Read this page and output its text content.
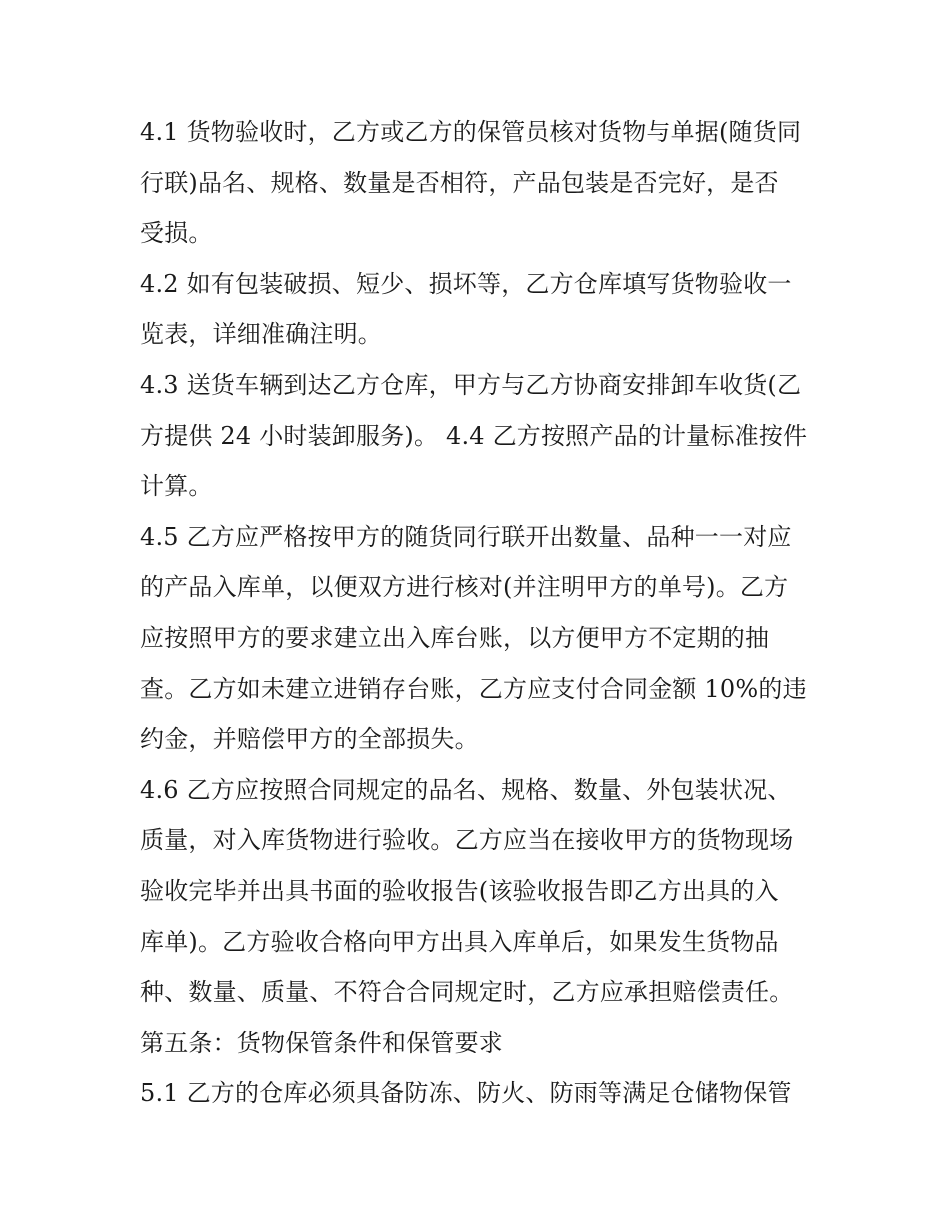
4.1 货物验收时，乙方或乙方的保管员核对货物与单据(随货同
行联)品名、规格、数量是否相符，产品包装是否完好，是否
受损。
4.2 如有包装破损、短少、损坏等，乙方仓库填写货物验收一
览表，详细准确注明。
4.3 送货车辆到达乙方仓库，甲方与乙方协商安排卸车收货(乙
方提供 24 小时装卸服务)。 4.4 乙方按照产品的计量标准按件
计算。
4.5 乙方应严格按甲方的随货同行联开出数量、品种一一对应
的产品入库单，以便双方进行核对(并注明甲方的单号)。乙方
应按照甲方的要求建立出入库台账，以方便甲方不定期的抽
查。乙方如未建立进销存台账，乙方应支付合同金额 10%的违
约金，并赔偿甲方的全部损失。
4.6 乙方应按照合同规定的品名、规格、数量、外包装状况、
质量，对入库货物进行验收。乙方应当在接收甲方的货物现场
验收完毕并出具书面的验收报告(该验收报告即乙方出具的入
库单)。乙方验收合格向甲方出具入库单后，如果发生货物品
种、数量、质量、不符合合同规定时，乙方应承担赔偿责任。
第五条：货物保管条件和保管要求
5.1 乙方的仓库必须具备防冻、防火、防雨等满足仓储物保管
